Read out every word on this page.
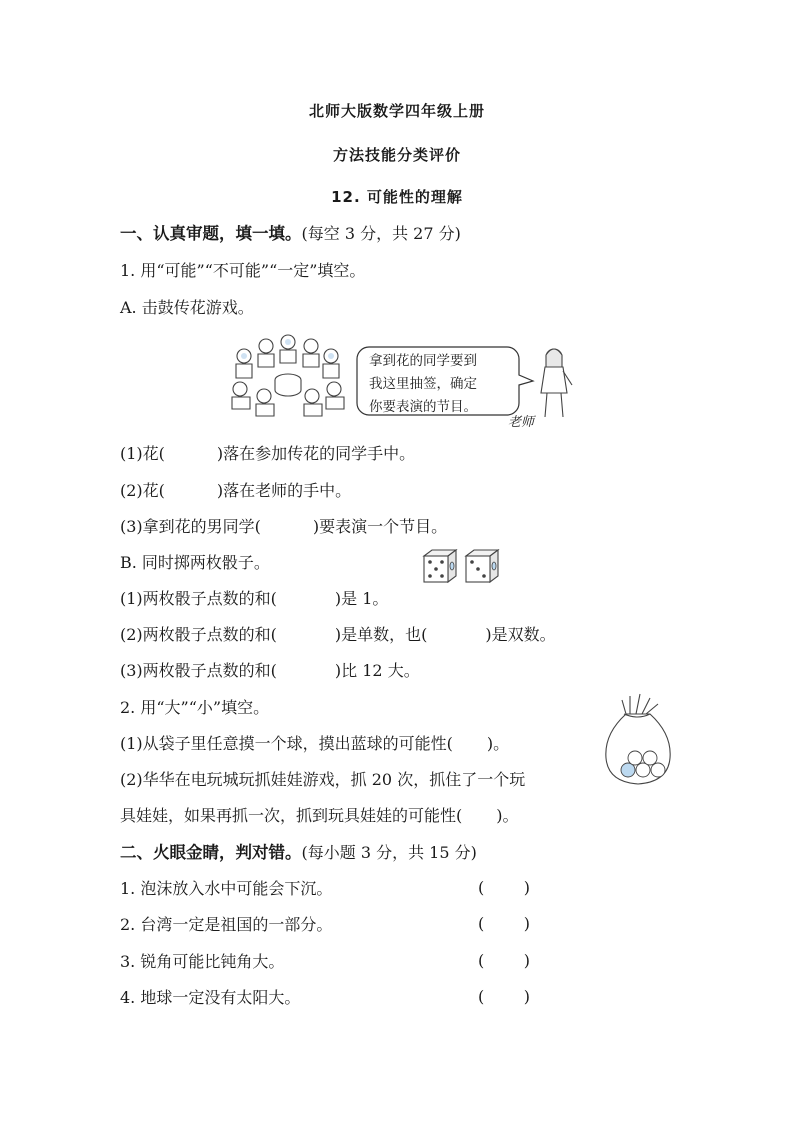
北师大版数学四年级上册
方法技能分类评价
12. 可能性的理解
一、认真审题，填一填。(每空 3 分，共 27 分)
1. 用“可能”“不可能”“一定”填空。
A. 击鼓传花游戏。
拿到花的同学要到
我这里抽签，确定
你要表演的节目。
老师
(1)花(	)落在参加传花的同学手中。
(2)花(	)落在老师的手中。
(3)拿到花的男同学(	)要表演一个节目。
B. 同时掷两枚骰子。
(1)两枚骰子点数的和(	)是 1。
(2)两枚骰子点数的和(	)是单数，也(	)是双数。
(3)两枚骰子点数的和(	)比 12 大。
2. 用“大”“小”填空。
(1)从袋子里任意摸一个球，摸出蓝球的可能性( )。
(2)华华在电玩城玩抓娃娃游戏，抓 20 次，抓住了一个玩
具娃娃，如果再抓一次，抓到玩具娃娃的可能性( )。
二、火眼金睛，判对错。(每小题 3 分，共 15 分)
1. 泡沫放入水中可能会下沉。	( )
2. 台湾一定是祖国的一部分。	( )
3. 锐角可能比钝角大。	( )
4. 地球一定没有太阳大。	( )
